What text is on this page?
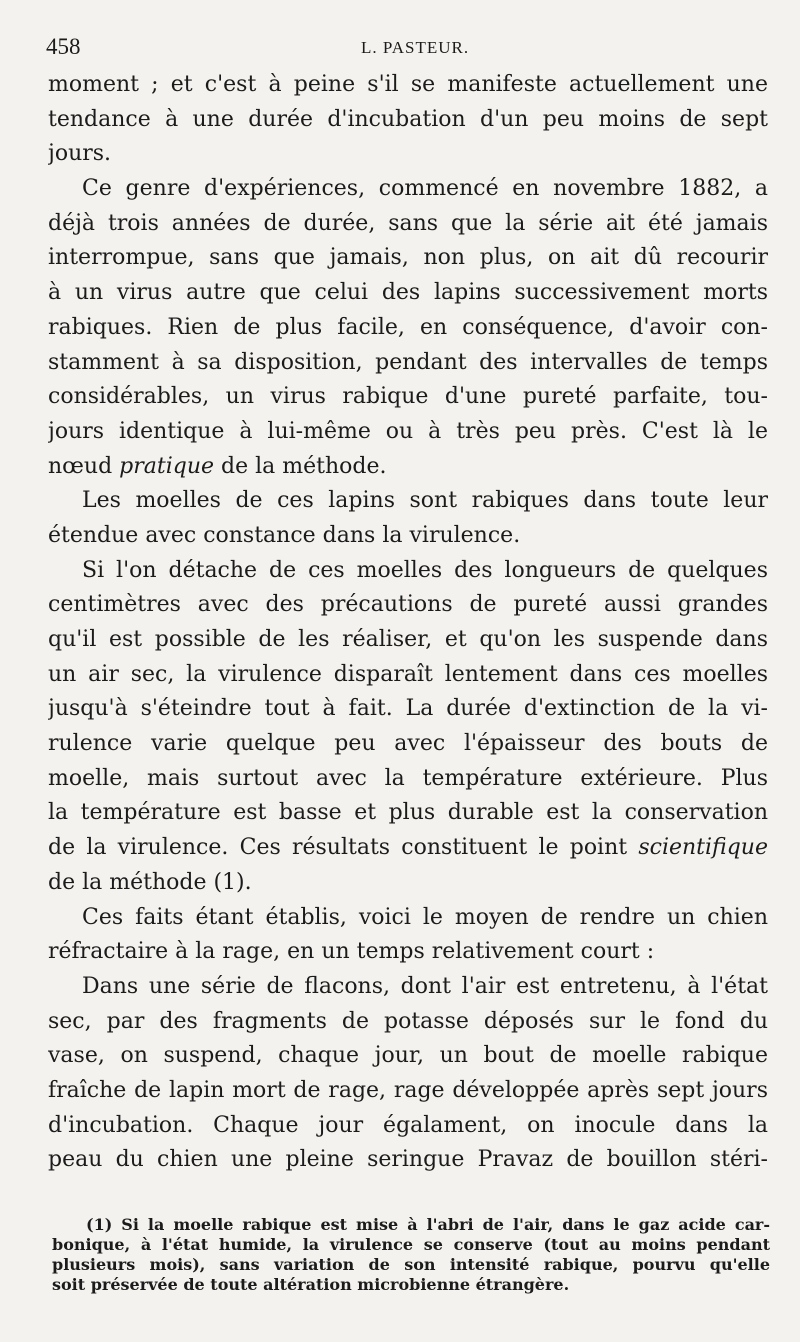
458	L. PASTEUR.
moment ; et c'est à peine s'il se manifeste actuellement une
tendance à une durée d'incubation d'un peu moins de sept
jours.
Ce genre d'expériences, commencé en novembre 1882, a
déjà trois années de durée, sans que la série ait été jamais
interrompue, sans que jamais, non plus, on ait dû recourir
à un virus autre que celui des lapins successivement morts
rabiques. Rien de plus facile, en conséquence, d'avoir con-
stamment à sa disposition, pendant des intervalles de temps
considérables, un virus rabique d'une pureté parfaite, tou-
jours identique à lui-même ou à très peu près. C'est là le
nœud pratique de la méthode.
Les moelles de ces lapins sont rabiques dans toute leur
étendue avec constance dans la virulence.
Si l'on détache de ces moelles des longueurs de quelques
centimètres avec des précautions de pureté aussi grandes
qu'il est possible de les réaliser, et qu'on les suspende dans
un air sec, la virulence disparaît lentement dans ces moelles
jusqu'à s'éteindre tout à fait. La durée d'extinction de la vi-
rulence varie quelque peu avec l'épaisseur des bouts de
moelle, mais surtout avec la température extérieure. Plus
la température est basse et plus durable est la conservation
de la virulence. Ces résultats constituent le point scientifique
de la méthode (1).
Ces faits étant établis, voici le moyen de rendre un chien
réfractaire à la rage, en un temps relativement court :
Dans une série de flacons, dont l'air est entretenu, à l'état
sec, par des fragments de potasse déposés sur le fond du
vase, on suspend, chaque jour, un bout de moelle rabique
fraîche de lapin mort de rage, rage développée après sept jours
d'incubation. Chaque jour égalament, on inocule dans la
peau du chien une pleine seringue Pravaz de bouillon stéri-
(1) Si la moelle rabique est mise à l'abri de l'air, dans le gaz acide car-
bonique, à l'état humide, la virulence se conserve (tout au moins pendant
plusieurs mois), sans variation de son intensité rabique, pourvu qu'elle
soit préservée de toute altération microbienne étrangère.
